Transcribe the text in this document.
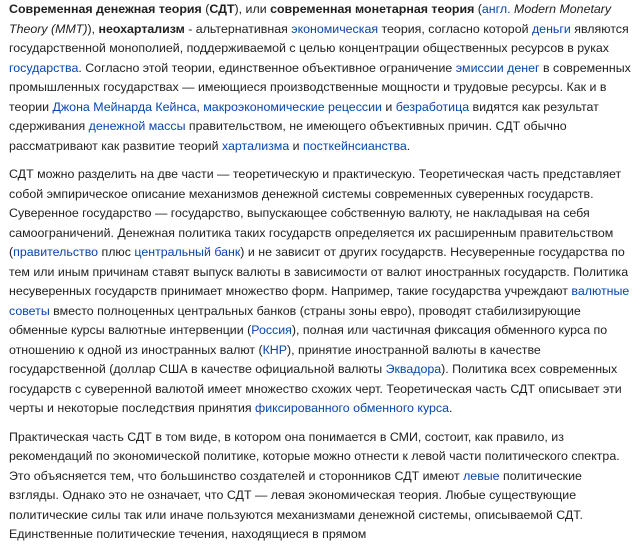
Современная денежная теория (СДТ), или современная монетарная теория (англ. Modern Monetary Theory (MMT)), неохартализм - альтернативная экономическая теория, согласно которой деньги являются государственной монополией, поддерживаемой с целью концентрации общественных ресурсов в руках государства. Согласно этой теории, единственное объективное ограничение эмиссии денег в современных промышленных государствах — имеющиеся производственные мощности и трудовые ресурсы. Как и в теории Джона Мейнарда Кейнса, макроэкономические рецессии и безработица видятся как результат сдерживания денежной массы правительством, не имеющего объективных причин. СДТ обычно рассматривают как развитие теорий хартализма и посткейнсианства.

СДТ можно разделить на две части — теоретическую и практическую. Теоретическая часть представляет собой эмпирическое описание механизмов денежной системы современных суверенных государств. Суверенное государство — государство, выпускающее собственную валюту, не накладывая на себя самоограничений. Денежная политика таких государств определяется их расширенным правительством (правительство плюс центральный банк) и не зависит от других государств. Несуверенные государства по тем или иным причинам ставят выпуск валюты в зависимости от валют иностранных государств. Политика несуверенных государств принимает множество форм. Например, такие государства учреждают валютные советы вместо полноценных центральных банков (страны зоны евро), проводят стабилизирующие обменные курсы валютные интервенции (Россия), полная или частичная фиксация обменного курса по отношению к одной из иностранных валют (КНР), принятие иностранной валюты в качестве государственной (доллар США в качестве официальной валюты Эквадора). Политика всех современных государств с суверенной валютой имеет множество схожих черт. Теоретическая часть СДТ описывает эти черты и некоторые последствия принятия фиксированного обменного курса.

Практическая часть СДТ в том виде, в котором она понимается в СМИ, состоит, как правило, из рекомендаций по экономической политике, которые можно отнести к левой части политического спектра. Это объясняется тем, что большинство создателей и сторонников СДТ имеют левые политические взгляды. Однако это не означает, что СДТ — левая экономическая теория. Любые существующие политические силы так или иначе пользуются механизмами денежной системы, описываемой СДТ. Единственные политические течения, находящиеся в прямом
